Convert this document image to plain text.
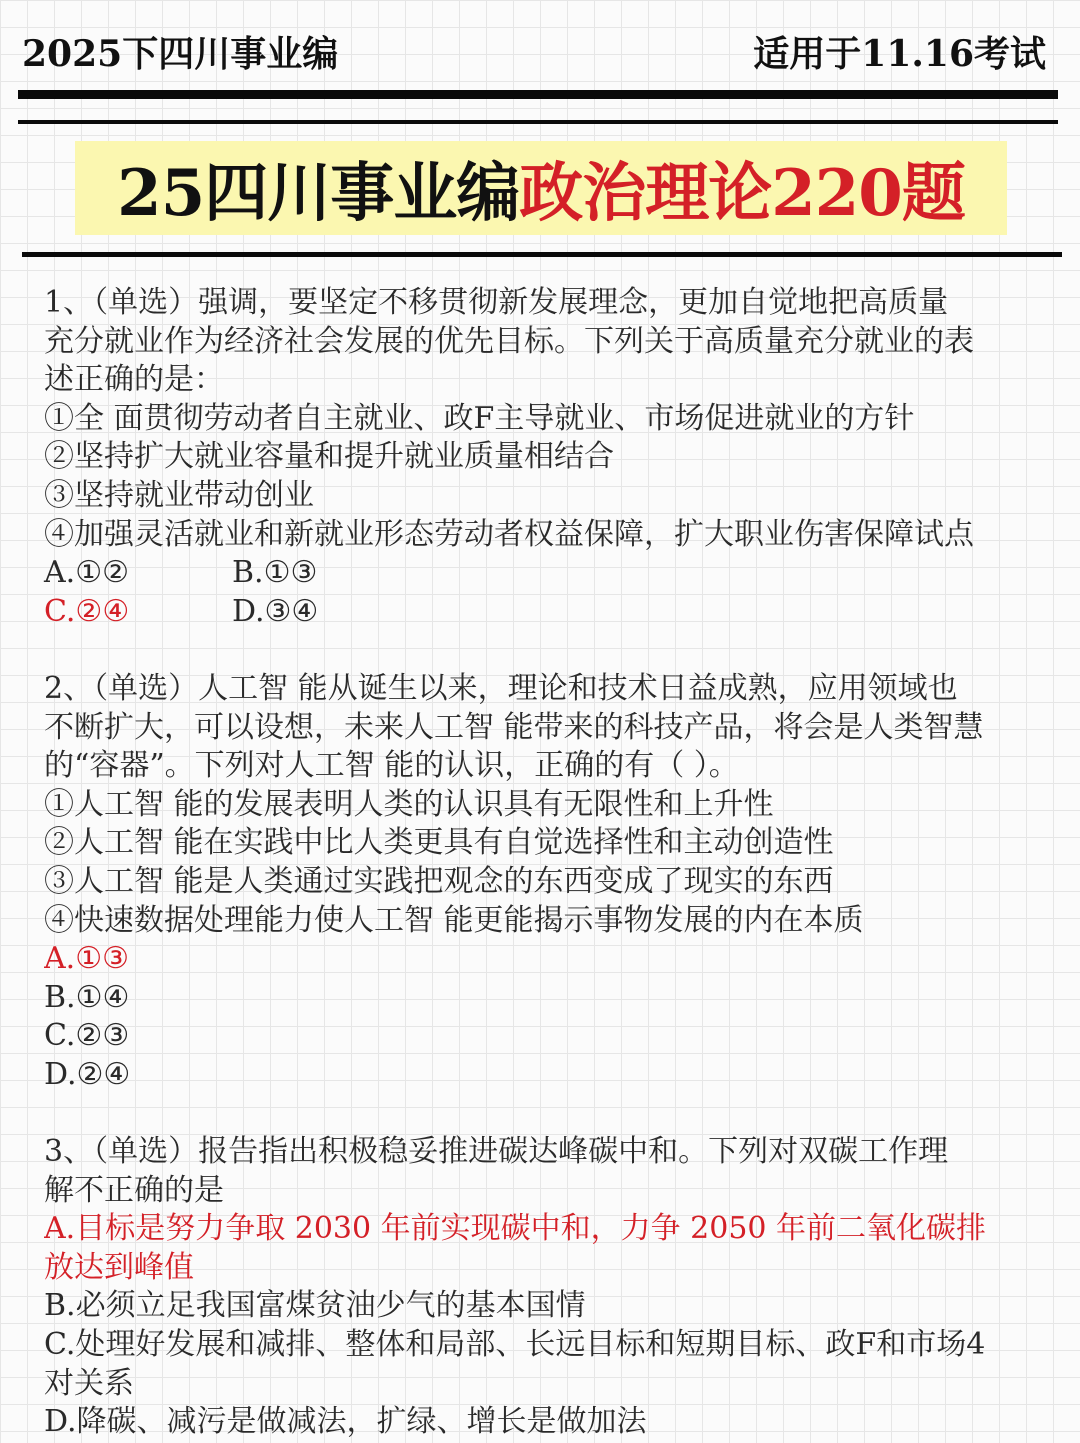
2025下四川事业编	适用于11.16考试
25四川事业编 政治理论220题
1、（单选）强调，要坚定不移贯彻新发展理念，更加自觉地把高质量
充分就业作为经济社会发展的优先目标。下列关于高质量充分就业的表
述正确的是：
①全 面贯彻劳动者自主就业、政F主导就业、市场促进就业的方针
②坚持扩大就业容量和提升就业质量相结合
③坚持就业带动创业
④加强灵活就业和新就业形态劳动者权益保障，扩大职业伤害保障试点
A.①②	B.①③
C.②④	D.③④
2、（单选）人工智 能从诞生以来，理论和技术日益成熟，应用领域也
不断扩大，可以设想，未来人工智 能带来的科技产品，将会是人类智慧
的“容器”。下列对人工智 能的认识，正确的有（ ）。
①人工智 能的发展表明人类的认识具有无限性和上升性
②人工智 能在实践中比人类更具有自觉选择性和主动创造性
③人工智 能是人类通过实践把观念的东西变成了现实的东西
④快速数据处理能力使人工智 能更能揭示事物发展的内在本质
A.①③
B.①④
C.②③
D.②④
3、（单选）报告指出积极稳妥推进碳达峰碳中和。下列对双碳工作理
解不正确的是
A.目标是努力争取 2030 年前实现碳中和，力争 2050 年前二氧化碳排
放达到峰值
B.必须立足我国富煤贫油少气的基本国情
C.处理好发展和减排、整体和局部、长远目标和短期目标、政F和市场4
对关系
D.降碳、减污是做减法，扩绿、增长是做加法
